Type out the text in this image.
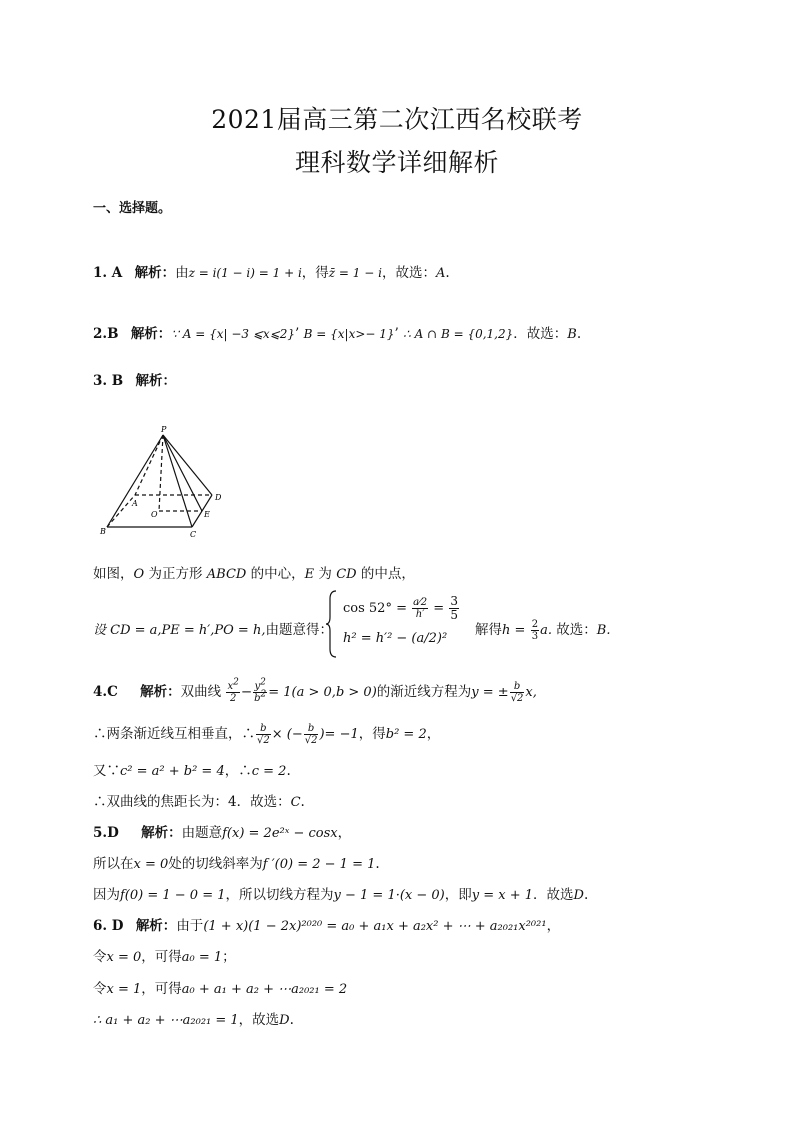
2021届高三第二次江西名校联考
理科数学详细解析
一、选择题。
1. A 解析：由z = i(1 − i) = 1 + i，得z̄ = 1 − i，故选：A.
2.B 解析：∵ A = {x| −3 ⩽x⩽2}’ B = {x|x>− 1}’ ∴ A ∩ B = {0,1,2}．故选：B.
3. B 解析：
P
A
O
D
E
B	C
如图，O 为正方形 ABCD 的中心，E 为 CD 的中点，
设 CD = a,PE = h′,PO = h,由题意得：
$\cos 52^\circ = \frac{a⁄2}{h'} = \frac{3}{5}$
h² = h′² − (a/2)²
解得$h = \frac{2}{3} a$. 故选：B.
4.C 解析：双曲线 $\frac{x^2}{2} - \frac{y^2}{b^2} = 1(a > 0,b > 0)$的渐近线方程为y = ± $\frac{b}{√2} x$,
∴两条渐近线互相垂直，∴ $\frac{b}{√2}$ × (− $\frac{b}{√2}$ )= −1，得b² = 2，
又∵c² = a² + b² = 4，∴c = 2.
∴双曲线的焦距长为：4．故选：C.
5.D 解析：由题意f(x) = 2e²ˣ − cosx，
所以在x = 0处的切线斜率为f ′(0) = 2 − 1 = 1.
因为f(0) = 1 − 0 = 1，所以切线方程为y − 1 = 1·(x − 0)，即y = x + 1．故选D.
6. D 解析：由于(1 + x)(1 − 2x)²⁰²⁰ = a₀ + a₁x + a₂x² + ⋯ + a₂₀₂₁x²⁰²¹，
令x = 0，可得a₀ = 1；
令x = 1，可得a₀ + a₁ + a₂ + ⋯a₂₀₂₁ = 2
∴ a₁ + a₂ + ⋯a₂₀₂₁ = 1，故选D.
